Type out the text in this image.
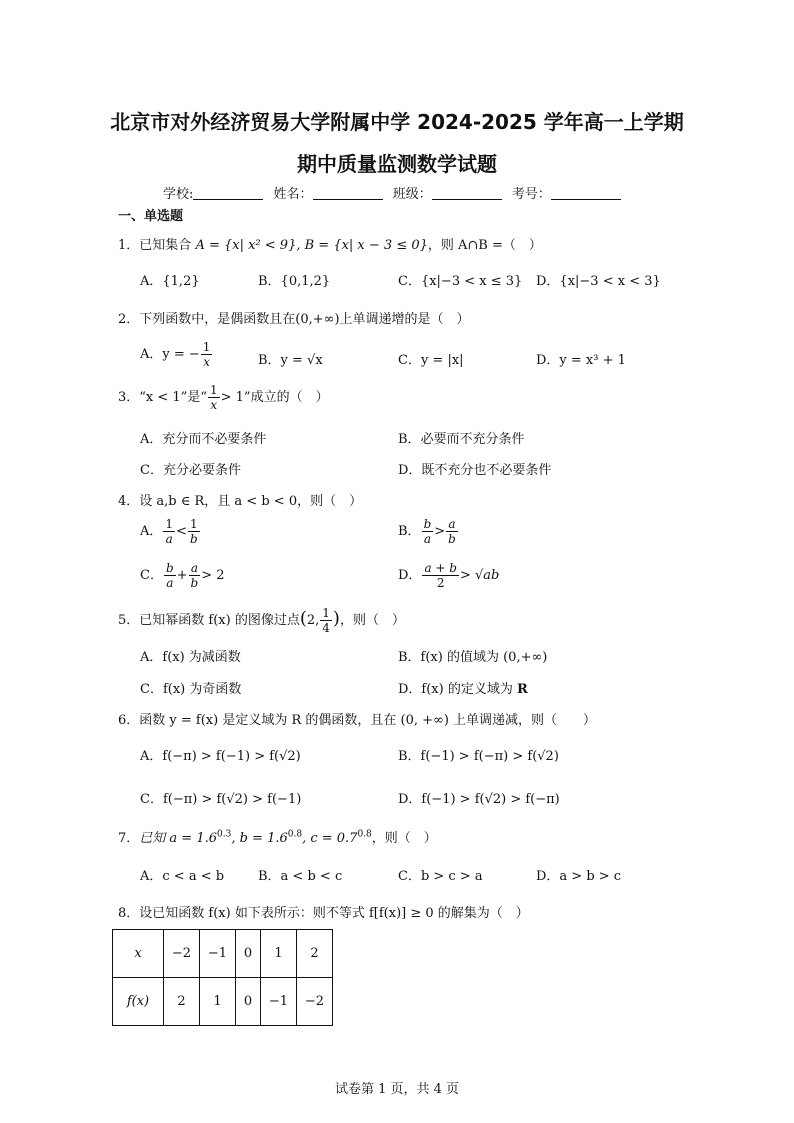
北京市对外经济贸易大学附属中学 2024-2025 学年高一上学期
期中质量监测数学试题
学校:	姓名：	班级：	考号：
一、单选题
1．已知集合 A = {x| x² < 9}, B = {x| x − 3 ≤ 0}，则 A∩B =（　）
A．{1,2}	B．{0,1,2}	C．{x|−3 < x ≤ 3} D．{x|−3 < x < 3}
2．下列函数中，是偶函数且在(0,+∞)上单调递增的是（　）
A．y = − $\frac{1}{x}$	B．y = √x	C．y = |x|	D．y = x³ + 1
3．“x < 1”是“ $\frac{1}{x} > 1$”成立的（　）
A．充分而不必要条件	B．必要而不充分条件
C．充分必要条件	D．既不充分也不必要条件
4．设 a,b ∈ R，且 a < b < 0，则（　）
A． $\frac{1}{a} < \frac{1}{b}$	B． $\frac{b}{a} > \frac{a}{b}$
C． $\frac{b}{a} + \frac{a}{b} > 2$	D． $\frac{a + b}{2} > √ab$
5．已知幂函数 f(x) 的图像过点(2, $\frac{1}{4}$ )，则（　）
A．f(x) 为减函数	B．f(x) 的值域为 (0,+∞)
C．f(x) 为奇函数	D．f(x) 的定义域为 R
6．函数 y = f(x) 是定义域为 R 的偶函数，且在 (0, +∞) 上单调递减，则（　　）
A．f(−π) > f(−1) > f(√2)	B．f(−1) > f(−π) > f(√2)
C．f(−π) > f(√2) > f(−1)	D．f(−1) > f(√2) > f(−π)
7．已知 $a = 1.6^{0.3}$, $b = 1.6^{0.8}$, $c = 0.7^{0.8}$，则（　）
A．c < a < b	B．a < b < c	C．b > c > a	D．a > b > c
8．设已知函数 f(x) 如下表所示：则不等式 f[f(x)] ≥ 0 的解集为（　）
x	−2	−1	0	1	2
f(x)	2	1	0	−1	−2
试卷第 1 页，共 4 页
